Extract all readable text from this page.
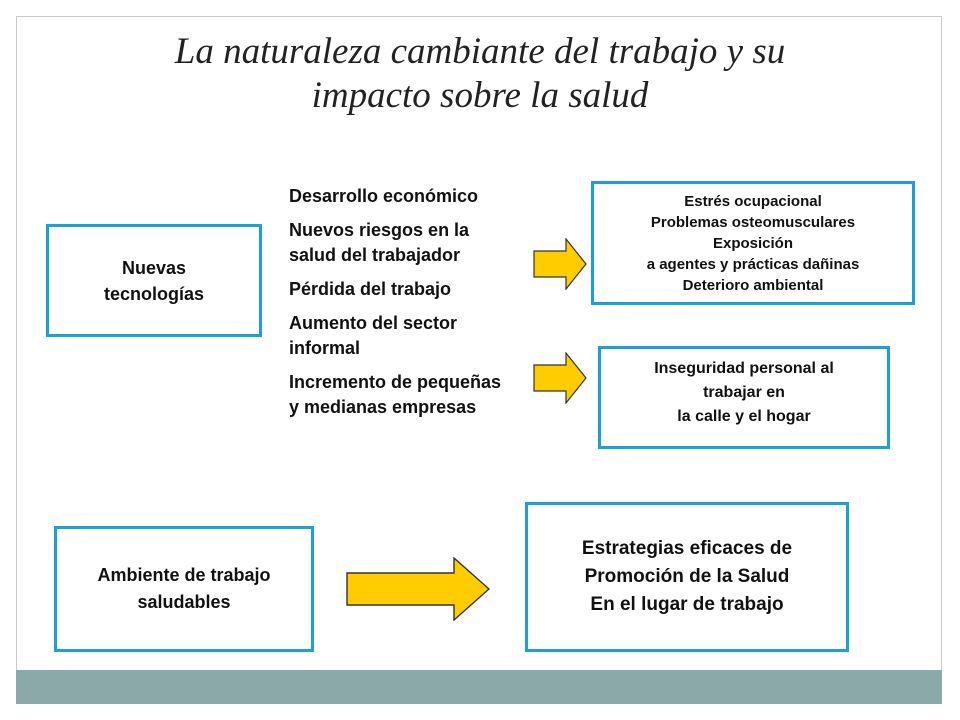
La naturaleza cambiante del trabajo y su
impacto sobre la salud
Nuevas
tecnologías
Desarrollo económico
Nuevos riesgos en la
salud del trabajador
Pérdida del trabajo
Aumento del sector
informal
Incremento de pequeñas
y medianas empresas
Estrés ocupacional
Problemas osteomusculares
Exposición
a agentes y prácticas dañinas
Deterioro ambiental
Inseguridad personal al
trabajar en
la calle y el hogar
Ambiente de trabajo
saludables
Estrategias eficaces de
Promoción de la Salud
En el lugar de trabajo
